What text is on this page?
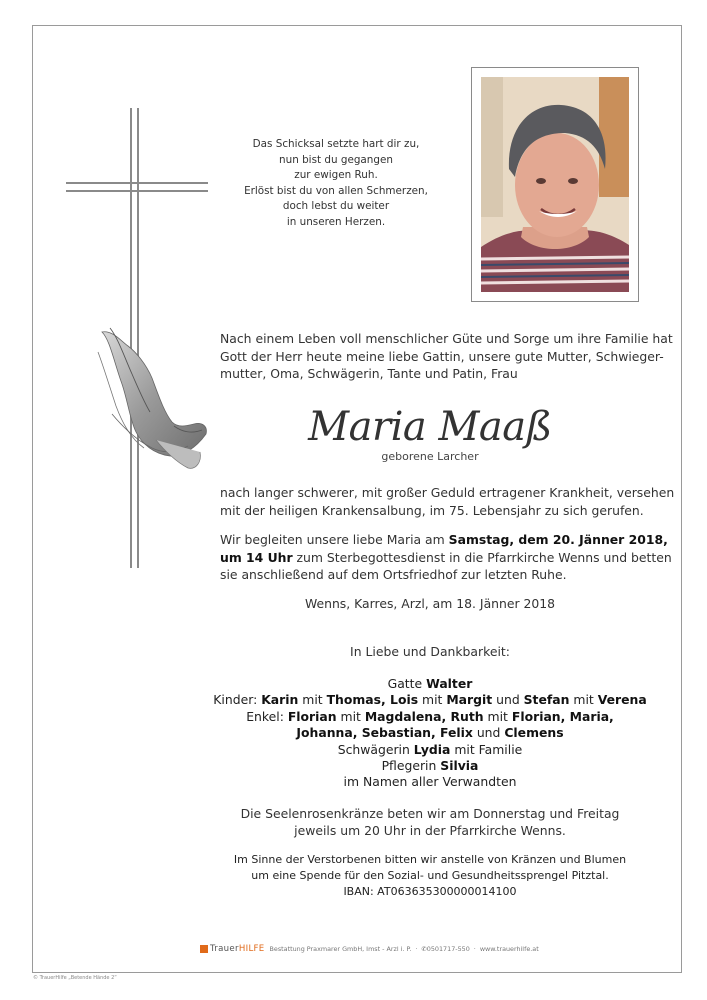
Das Schicksal setzte hart dir zu,
nun bist du gegangen
zur ewigen Ruh.
Erlöst bist du von allen Schmerzen,
doch lebst du weiter
in unseren Herzen.
Nach einem Leben voll menschlicher Güte und Sorge um ihre Familie hat
Gott der Herr heute meine liebe Gattin, unsere gute Mutter, Schwieger-
mutter, Oma, Schwägerin, Tante und Patin, Frau
Maria Maaß
geborene Larcher
nach langer schwerer, mit großer Geduld ertragener Krankheit, versehen
mit der heiligen Krankensalbung, im 75. Lebensjahr zu sich gerufen.
Wir begleiten unsere liebe Maria am Samstag, dem 20. Jänner 2018,
um 14 Uhr zum Sterbegottesdienst in die Pfarrkirche Wenns und betten
sie anschließend auf dem Ortsfriedhof zur letzten Ruhe.
Wenns, Karres, Arzl, am 18. Jänner 2018
In Liebe und Dankbarkeit:
Gatte Walter
Kinder: Karin mit Thomas, Lois mit Margit und Stefan mit Verena
Enkel: Florian mit Magdalena, Ruth mit Florian, Maria,
Johanna, Sebastian, Felix und Clemens
Schwägerin Lydia mit Familie
Pflegerin Silvia
im Namen aller Verwandten
Die Seelenrosenkränze beten wir am Donnerstag und Freitag
jeweils um 20 Uhr in der Pfarrkirche Wenns.
Im Sinne der Verstorbenen bitten wir anstelle von Kränzen und Blumen
um eine Spende für den Sozial- und Gesundheitssprengel Pitztal.
IBAN: AT063635300000014100
TrauerHILFE Bestattung Praxmarer GmbH, Imst - Arzl i. P. · ✆ 0501717-550 · www.trauerhilfe.at
© TrauerHilfe „Betende Hände 2“
